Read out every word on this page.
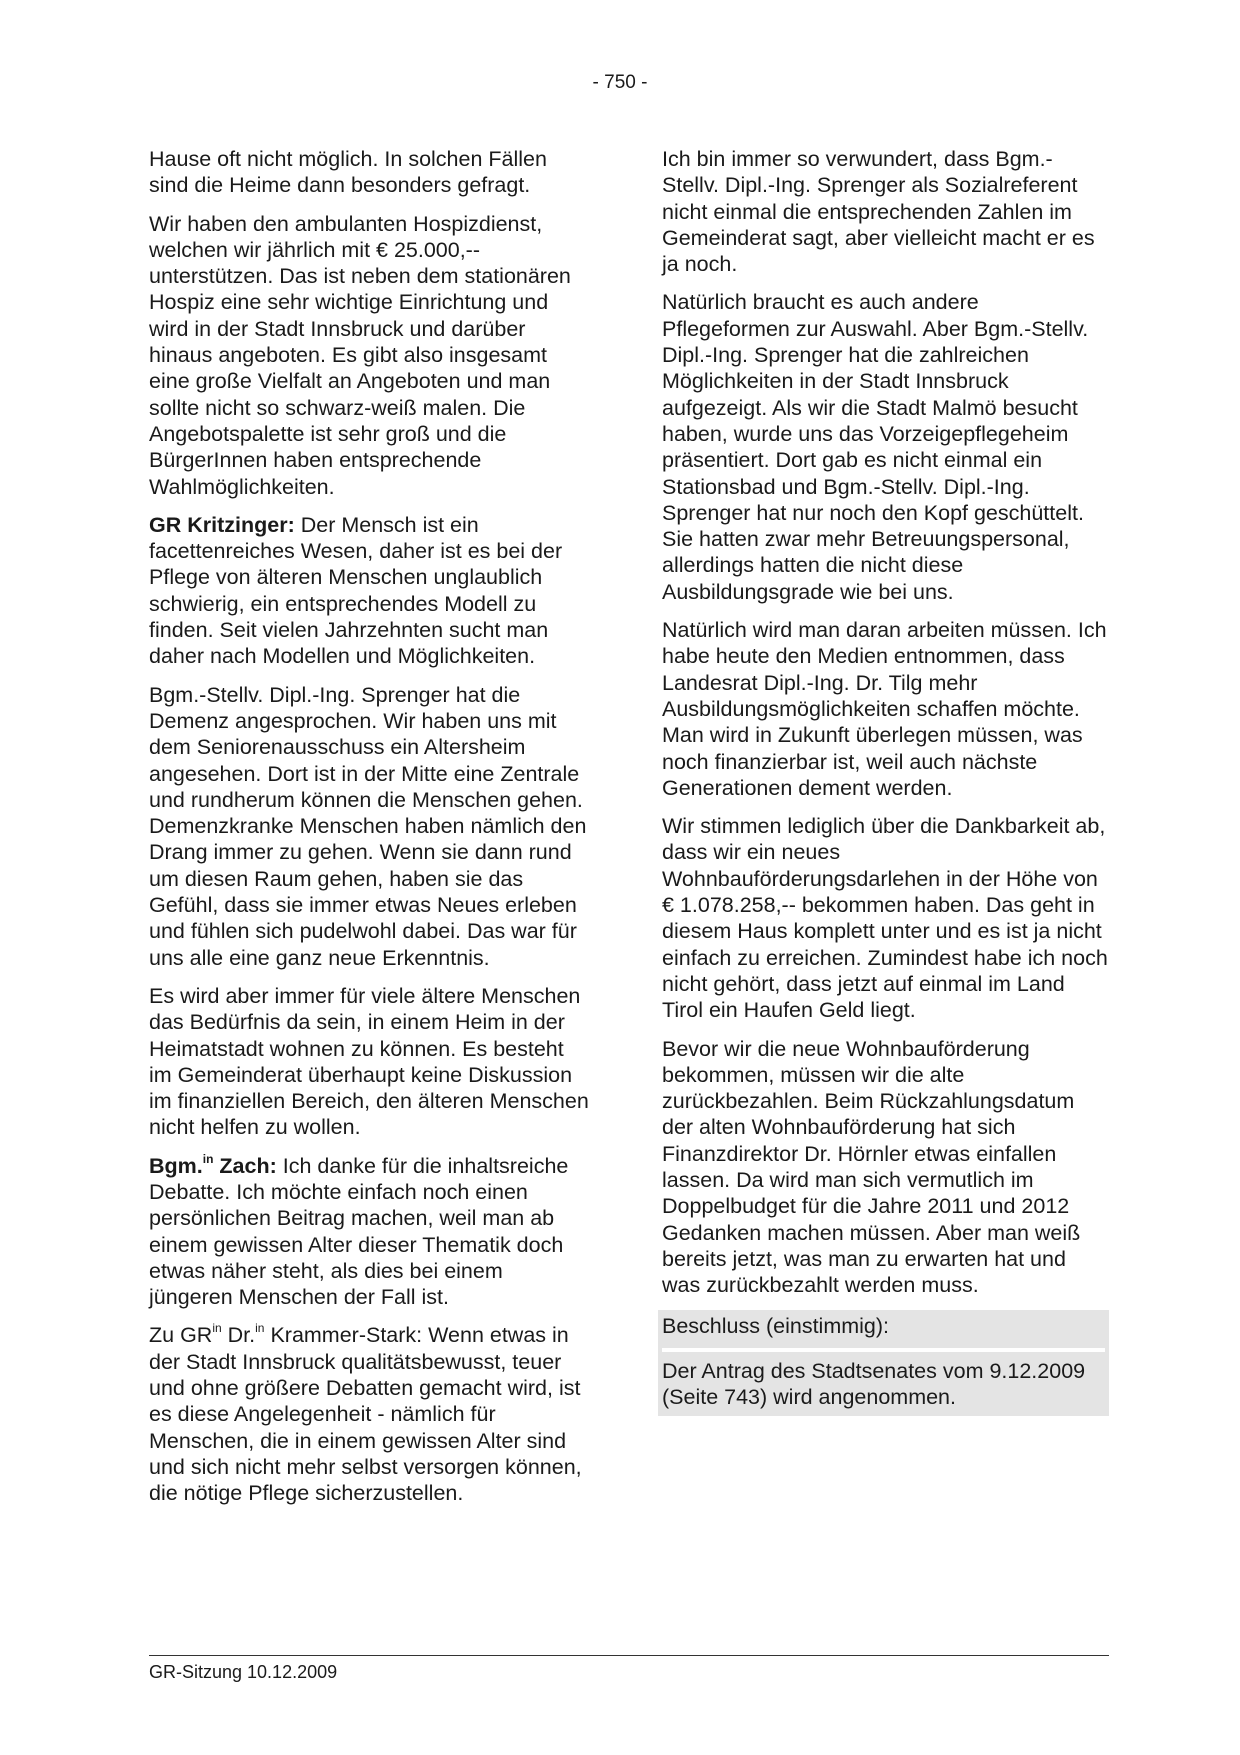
- 750 -

Hause oft nicht möglich. In solchen Fällen sind die Heime dann besonders gefragt.

Wir haben den ambulanten Hospizdienst, welchen wir jährlich mit € 25.000,-- unterstützen. Das ist neben dem stationären Hospiz eine sehr wichtige Einrichtung und wird in der Stadt Innsbruck und darüber hinaus angeboten. Es gibt also insgesamt eine große Vielfalt an Angeboten und man sollte nicht so schwarz-weiß malen. Die Angebotspalette ist sehr groß und die BürgerInnen haben entsprechende Wahlmöglichkeiten.

GR Kritzinger: Der Mensch ist ein facettenreiches Wesen, daher ist es bei der Pflege von älteren Menschen unglaublich schwierig, ein entsprechendes Modell zu finden. Seit vielen Jahrzehnten sucht man daher nach Modellen und Möglichkeiten.

Bgm.-Stellv. Dipl.-Ing. Sprenger hat die Demenz angesprochen. Wir haben uns mit dem Seniorenausschuss ein Altersheim angesehen. Dort ist in der Mitte eine Zentrale und rundherum können die Menschen gehen. Demenzkranke Menschen haben nämlich den Drang immer zu gehen. Wenn sie dann rund um diesen Raum gehen, haben sie das Gefühl, dass sie immer etwas Neues erleben und fühlen sich pudelwohl dabei. Das war für uns alle eine ganz neue Erkenntnis.

Es wird aber immer für viele ältere Menschen das Bedürfnis da sein, in einem Heim in der Heimatstadt wohnen zu können. Es besteht im Gemeinderat überhaupt keine Diskussion im finanziellen Bereich, den älteren Menschen nicht helfen zu wollen.

Bgm.$^{in}$ Zach: Ich danke für die inhaltsreiche Debatte. Ich möchte einfach noch einen persönlichen Beitrag machen, weil man ab einem gewissen Alter dieser Thematik doch etwas näher steht, als dies bei einem jüngeren Menschen der Fall ist.

Zu $GR^{in}$ Dr.$^{in}$ Krammer-Stark: Wenn etwas in der Stadt Innsbruck qualitätsbewusst, teuer und ohne größere Debatten gemacht wird, ist es diese Angelegenheit - nämlich für Menschen, die in einem gewissen Alter sind und sich nicht mehr selbst versorgen können, die nötige Pflege sicherzustellen.

Ich bin immer so verwundert, dass Bgm.-Stellv. Dipl.-Ing. Sprenger als Sozialreferent nicht einmal die entsprechenden Zahlen im Gemeinderat sagt, aber vielleicht macht er es ja noch.

Natürlich braucht es auch andere Pflegeformen zur Auswahl. Aber Bgm.-Stellv. Dipl.-Ing. Sprenger hat die zahlreichen Möglichkeiten in der Stadt Innsbruck aufgezeigt. Als wir die Stadt Malmö besucht haben, wurde uns das Vorzeigepflegeheim präsentiert. Dort gab es nicht einmal ein Stationsbad und Bgm.-Stellv. Dipl.-Ing. Sprenger hat nur noch den Kopf geschüttelt. Sie hatten zwar mehr Betreuungspersonal, allerdings hatten die nicht diese Ausbildungsgrade wie bei uns.

Natürlich wird man daran arbeiten müssen. Ich habe heute den Medien entnommen, dass Landesrat Dipl.-Ing. Dr. Tilg mehr Ausbildungsmöglichkeiten schaffen möchte. Man wird in Zukunft überlegen müssen, was noch finanzierbar ist, weil auch nächste Generationen dement werden.

Wir stimmen lediglich über die Dankbarkeit ab, dass wir ein neues Wohnbauförderungsdarlehen in der Höhe von € 1.078.258,-- bekommen haben. Das geht in diesem Haus komplett unter und es ist ja nicht einfach zu erreichen. Zumindest habe ich noch nicht gehört, dass jetzt auf einmal im Land Tirol ein Haufen Geld liegt.

Bevor wir die neue Wohnbauförderung bekommen, müssen wir die alte zurückbezahlen. Beim Rückzahlungsdatum der alten Wohnbauförderung hat sich Finanzdirektor Dr. Hörnler etwas einfallen lassen. Da wird man sich vermutlich im Doppelbudget für die Jahre 2011 und 2012 Gedanken machen müssen. Aber man weiß bereits jetzt, was man zu erwarten hat und was zurückbezahlt werden muss.

Beschluss (einstimmig):

Der Antrag des Stadtsenates vom 9.12.2009 (Seite 743) wird angenommen.

GR-Sitzung 10.12.2009
